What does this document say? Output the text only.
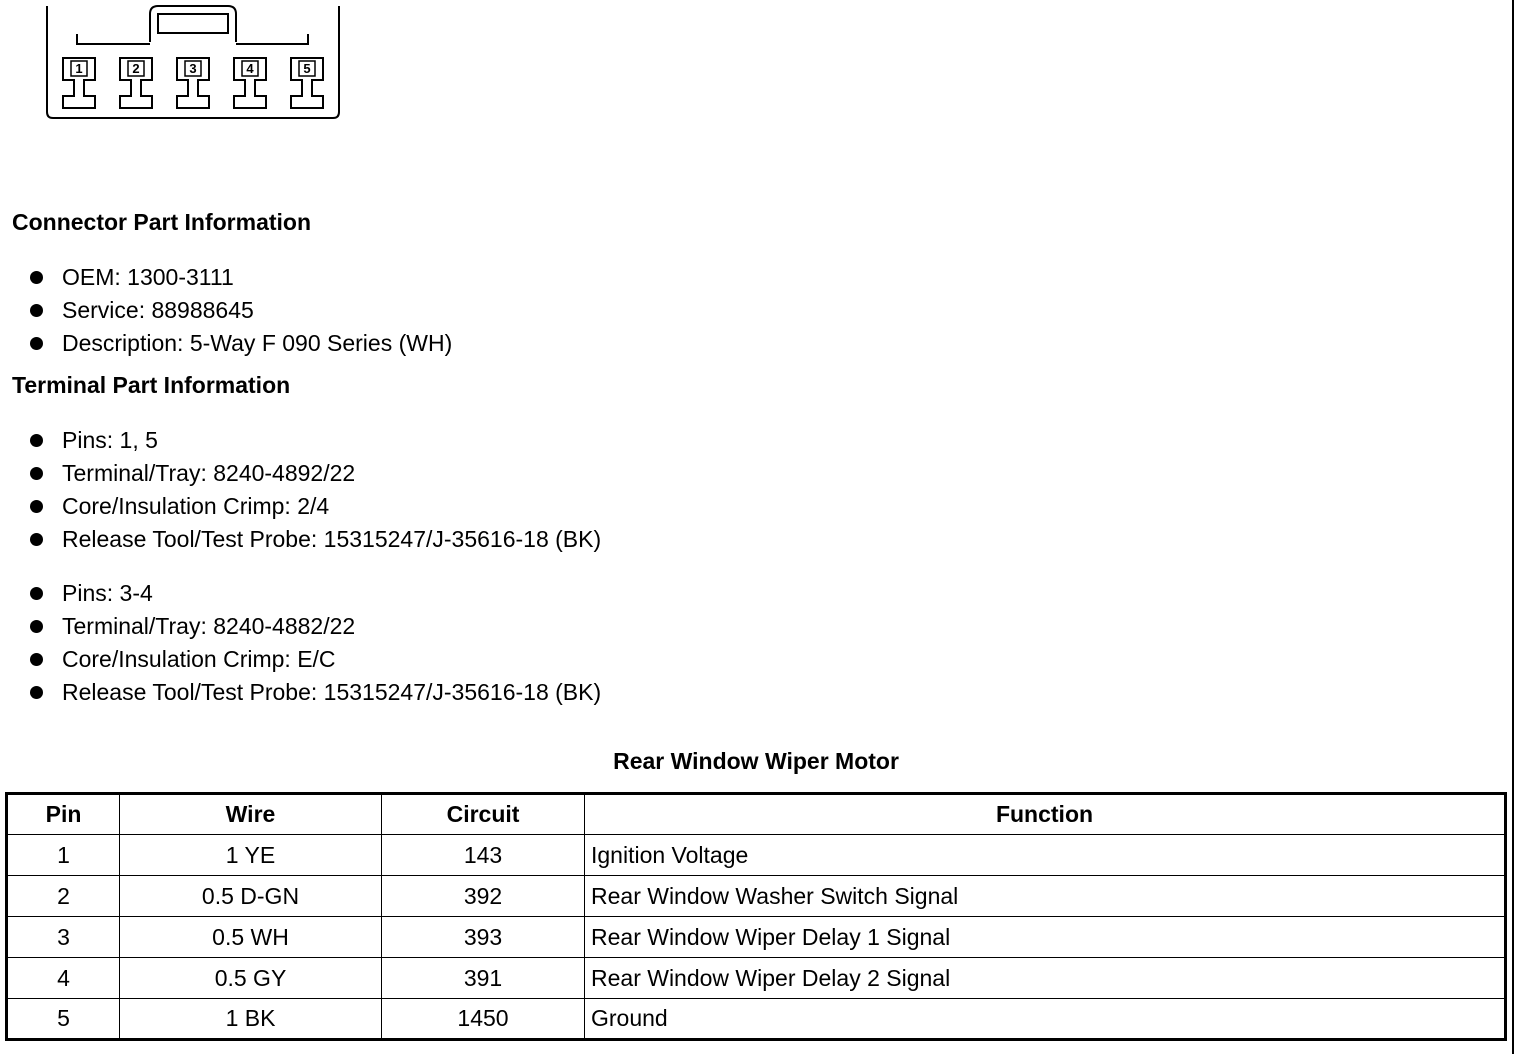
1	2	3	4	5
Connector Part Information
OEM: 1300-3111
Service: 88988645
Description: 5-Way F 090 Series (WH)
Terminal Part Information
Pins: 1, 5
Terminal/Tray: 8240-4892/22
Core/Insulation Crimp: 2/4
Release Tool/Test Probe: 15315247/J-35616-18 (BK)
Pins: 3-4
Terminal/Tray: 8240-4882/22
Core/Insulation Crimp: E/C
Release Tool/Test Probe: 15315247/J-35616-18 (BK)
Rear Window Wiper Motor
Pin	Wire	Circuit	Function
1	1 YE	143	Ignition Voltage
2	0.5 D-GN	392	Rear Window Washer Switch Signal
3	0.5 WH	393	Rear Window Wiper Delay 1 Signal
4	0.5 GY	391	Rear Window Wiper Delay 2 Signal
5	1 BK	1450	Ground
